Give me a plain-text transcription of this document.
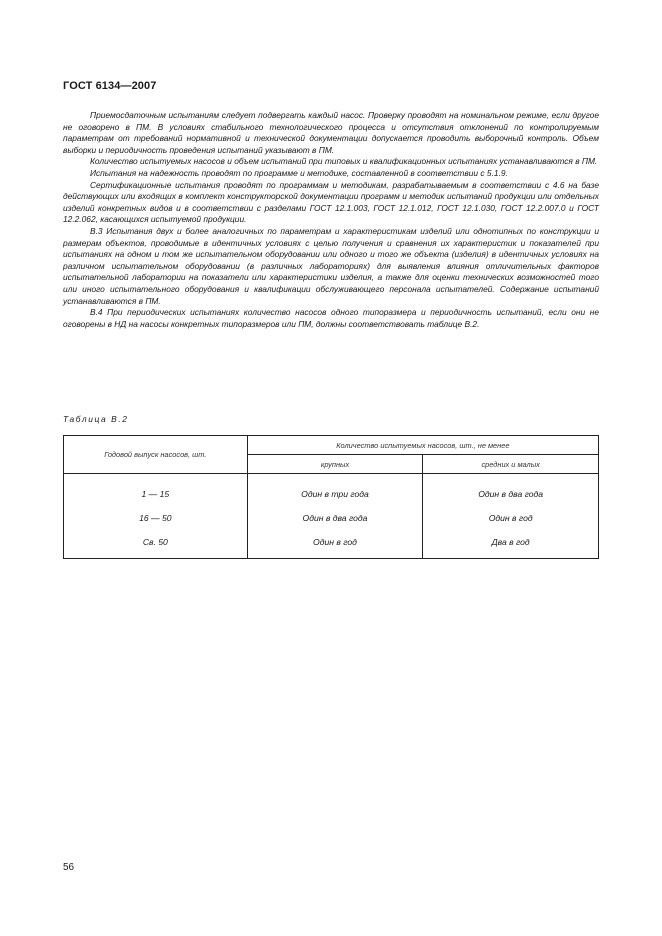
ГОСТ 6134—2007

Приемосдаточным испытаниям следует подвергать каждый насос. Проверку проводят на номинальном режиме, если другое не оговорено в ПМ. В условиях стабильного технологического процесса и отсутствия отклонений по контролируемым параметрам от требований нормативной и технической документации допускается проводить выборочный контроль. Объем выборки и периодичность проведения испытаний указывают в ПМ.

Количество испытуемых насосов и объем испытаний при типовых и квалификационных испытаниях устанавливаются в ПМ.

Испытания на надежность проводят по программе и методике, составленной в соответствии с 5.1.9.

Сертификационные испытания проводят по программам и методикам, разрабатываемым в соответствии с 4.6 на базе действующих или входящих в комплект конструкторской документации программ и методик испытаний продукции или отдельных изделий конкретных видов и в соответствии с разделами ГОСТ 12.1.003, ГОСТ 12.1.012, ГОСТ 12.1.030, ГОСТ 12.2.007.0 и ГОСТ 12.2.062, касающихся испытуемой продукции.

В.3 Испытания двух и более аналогичных по параметрам и характеристикам изделий или однотипных по конструкции и размерам объектов, проводимые в идентичных условиях с целью получения и сравнения их характеристик и показателей при испытаниях на одном и том же испытательном оборудовании или одного и того же объекта (изделия) в идентичных условиях на различном испытательном оборудовании (в различных лабораториях) для выявления влияния отличительных факторов испытательной лаборатории на показатели или характеристики изделия, а также для оценки технических возможностей того или иного испытательного оборудования и квалификации обслуживающего персонала испытателей. Содержание испытаний устанавливаются в ПМ.

В.4 При периодических испытаниях количество насосов одного типоразмера и периодичность испытаний, если они не оговорены в НД на насосы конкретных типоразмеров или ПМ, должны соответствовать таблице В.2.

Таблица В.2
Годовой выпуск насосов, шт.	Количество испытуемых насосов, шт., не менее	
	крупных	средних и малых
1 — 15	Один в три года	Один в два года
16 — 50	Один в два года	Один в год
Св. 50	Один в год	Два в год
56
